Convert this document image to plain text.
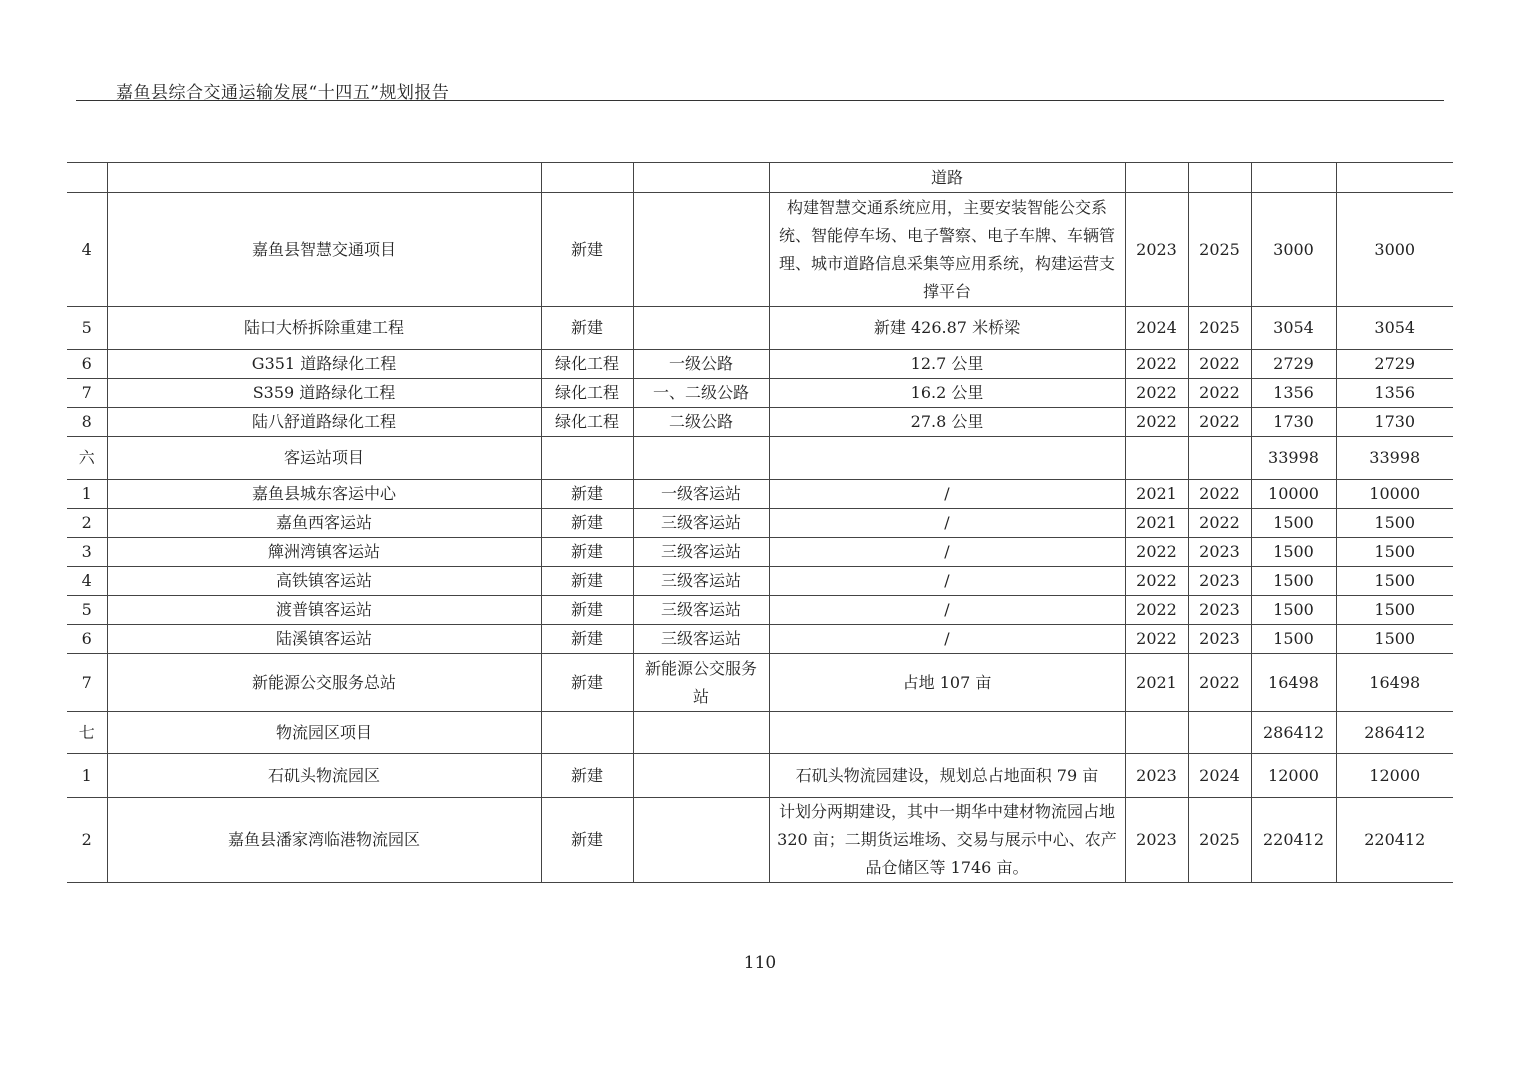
嘉鱼县综合交通运输发展“十四五”规划报告
				道路				
4	嘉鱼县智慧交通项目	新建		构建智慧交通系统应用，主要安装智能公交系统、智能停车场、电子警察、电子车牌、车辆管理、城市道路信息采集等应用系统，构建运营支撑平台	2023	2025	3000	3000
5	陆口大桥拆除重建工程	新建		新建 426.87 米桥梁	2024	2025	3054	3054
6	G351 道路绿化工程	绿化工程	一级公路	12.7 公里	2022	2022	2729	2729
7	S359 道路绿化工程	绿化工程	一、二级公路	16.2 公里	2022	2022	1356	1356
8	陆八舒道路绿化工程	绿化工程	二级公路	27.8 公里	2022	2022	1730	1730
六	客运站项目						33998	33998
1	嘉鱼县城东客运中心	新建	一级客运站	/	2021	2022	10000	10000
2	嘉鱼西客运站	新建	三级客运站	/	2021	2022	1500	1500
3	簰洲湾镇客运站	新建	三级客运站	/	2022	2023	1500	1500
4	高铁镇客运站	新建	三级客运站	/	2022	2023	1500	1500
5	渡普镇客运站	新建	三级客运站	/	2022	2023	1500	1500
6	陆溪镇客运站	新建	三级客运站	/	2022	2023	1500	1500
7	新能源公交服务总站	新建	新能源公交服务站	占地 107 亩	2021	2022	16498	16498
七	物流园区项目						286412	286412
1	石矶头物流园区	新建		石矶头物流园建设，规划总占地面积 79 亩	2023	2024	12000	12000
2	嘉鱼县潘家湾临港物流园区	新建		计划分两期建设，其中一期华中建材物流园占地 320 亩；二期货运堆场、交易与展示中心、农产品仓储区等 1746 亩。	2023	2025	220412	220412
110
